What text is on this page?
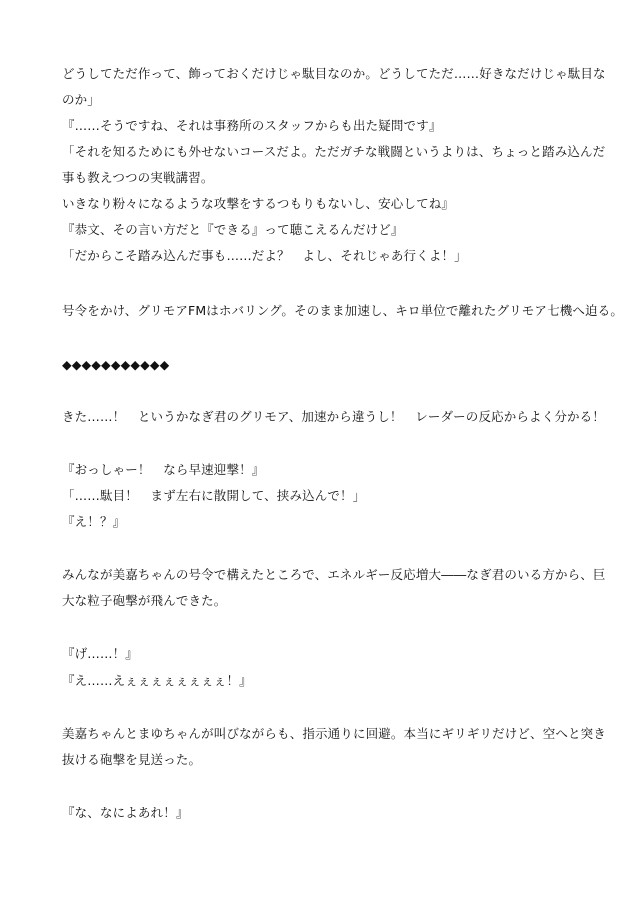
どうしてただ作って、飾っておくだけじゃ駄目なのか。どうしてただ……好きなだけじゃ駄目な
のか」
『……そうですね、それは事務所のスタッフからも出た疑問です』
「それを知るためにも外せないコースだよ。ただガチな戦闘というよりは、ちょっと踏み込んだ
事も教えつつの実戦講習。
いきなり粉々になるような攻撃をするつもりもないし、安心してね』
『恭文、その言い方だと『できる』って聴こえるんだけど』
「だからこそ踏み込んだ事も……だよ？　よし、それじゃあ行くよ！」
号令をかけ、グリモアFMはホバリング。そのまま加速し、キロ単位で離れたグリモア七機へ迫る。
◆◆◆◆◆◆◆◆◆◆◆
きた……！　というかなぎ君のグリモア、加速から違うし！　レーダーの反応からよく分かる！
『おっしゃー！　なら早速迎撃！』
「……駄目！　まず左右に散開して、挟み込んで！」
『え！？』
みんなが美嘉ちゃんの号令で構えたところで、エネルギー反応増大――なぎ君のいる方から、巨
大な粒子砲撃が飛んできた。
『げ……！』
『え……えぇぇぇぇぇぇぇぇ！』
美嘉ちゃんとまゆちゃんが叫びながらも、指示通りに回避。本当にギリギリだけど、空へと突き
抜ける砲撃を見送った。
『な、なによあれ！』
